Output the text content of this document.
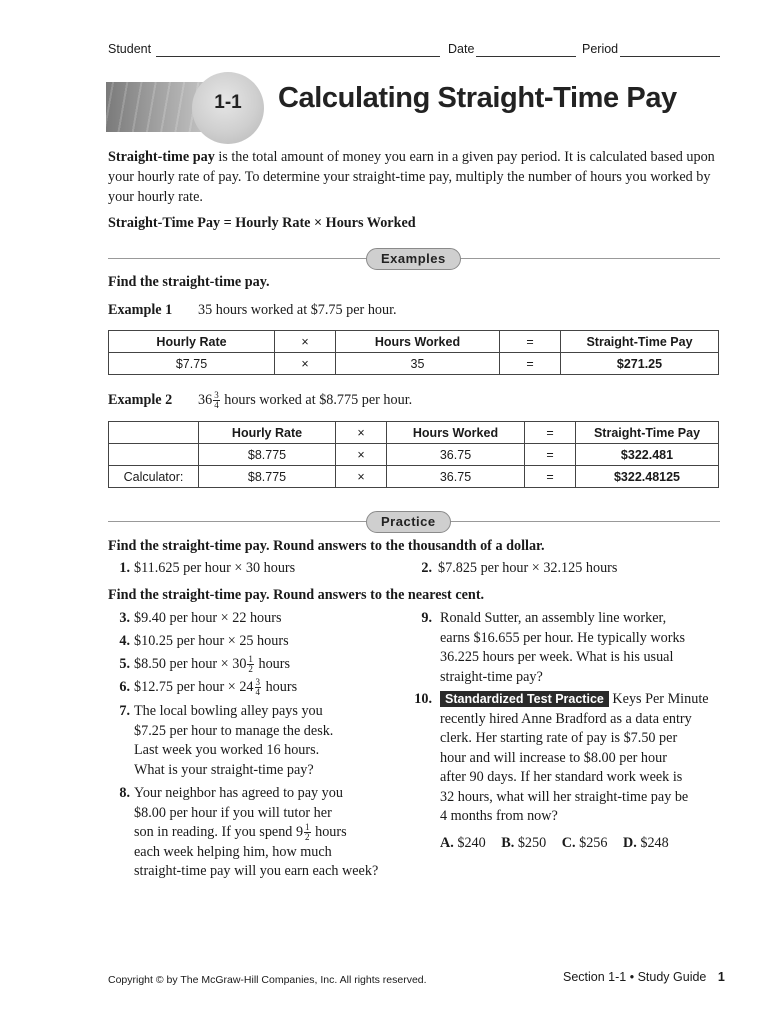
Student	Date	Period
1-1	Calculating Straight-Time Pay
Straight-time pay is the total amount of money you earn in a given pay period. It is calculated based upon your hourly rate of pay. To determine your straight-time pay, multiply the number of hours you worked by your hourly rate.
Straight-Time Pay = Hourly Rate × Hours Worked
Examples
Find the straight-time pay.
Example 1 35 hours worked at $7.75 per hour.
Hourly Rate	×	Hours Worked	=	Straight-Time Pay
$7.75	×	35	=	$271.25
Example 2 $36 \frac{3}{4}$ hours worked at $8.775 per hour.
	Hourly Rate	×	Hours Worked	=	Straight-Time Pay
	$8.775	×	36.75	=	$322.481
Calculator:	$8.775	×	36.75	=	$322.48125
Practice
Find the straight-time pay. Round answers to the thousandth of a dollar.
1. $11.625 per hour × 30 hours	2. $7.825 per hour × 32.125 hours
Find the straight-time pay. Round answers to the nearest cent.
3. $9.40 per hour × 22 hours
4. $10.25 per hour × 25 hours
5. $8.50 per hour × $30 \frac{1}{2}$ hours
6. $12.75 per hour × $24 \frac{3}{4}$ hours
7. The local bowling alley pays you
$7.25 per hour to manage the desk.
Last week you worked 16 hours.
What is your straight-time pay?
8. Your neighbor has agreed to pay you
$8.00 per hour if you will tutor her
son in reading. If you spend $9 \frac{1}{2}$ hours
each week helping him, how much
straight-time pay will you earn each week?
9. Ronald Sutter, an assembly line worker,
earns $16.655 per hour. He typically works
36.225 hours per week. What is his usual
straight-time pay?
10.	Standardized Test Practice Keys Per Minute
recently hired Anne Bradford as a data entry
clerk. Her starting rate of pay is $7.50 per
hour and will increase to $8.00 per hour
after 90 days. If her standard work week is
32 hours, what will her straight-time pay be
4 months from now?
A. $240 B. $250 C. $256 D. $248
Copyright © by The McGraw-Hill Companies, Inc. All rights reserved.	Section 1-1 • Study Guide 1
